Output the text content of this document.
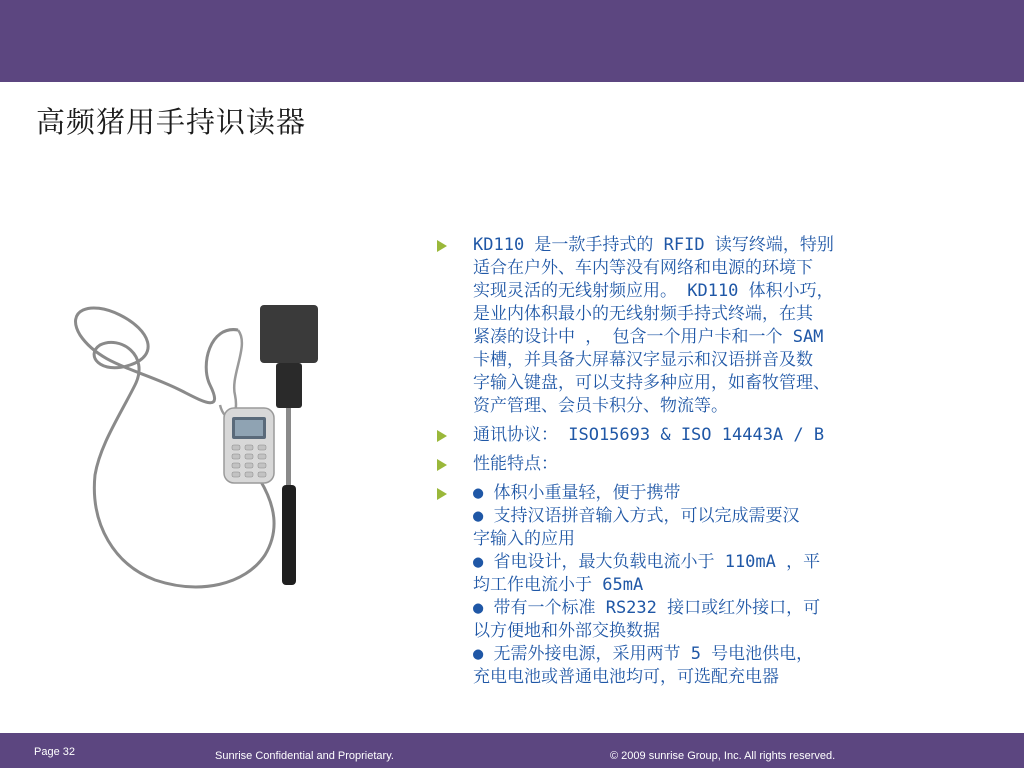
高频猪用手持识读器
KD110 是一款手持式的 RFID 读写终端，特别
适合在户外、车内等没有网络和电源的环境下
实现灵活的无线射频应用。 KD110 体积小巧，
是业内体积最小的无线射频手持式终端，在其
紧凑的设计中 ， 包含一个用户卡和一个 SAM
卡槽，并具备大屏幕汉字显示和汉语拼音及数
字输入键盘，可以支持多种应用，如畜牧管理、
资产管理、会员卡积分、物流等。
通讯协议： ISO15693 & ISO 14443A / B
性能特点：
● 体积小重量轻，便于携带
● 支持汉语拼音输入方式，可以完成需要汉
字输入的应用
● 省电设计，最大负载电流小于 110mA ，平
均工作电流小于 65mA
● 带有一个标准 RS232 接口或红外接口，可
以方便地和外部交换数据
● 无需外接电源，采用两节 5 号电池供电，
充电电池或普通电池均可，可选配充电器
Page 32	Sunrise Confidential and Proprietary.	© 2009 sunrise Group, Inc. All rights reserved.
